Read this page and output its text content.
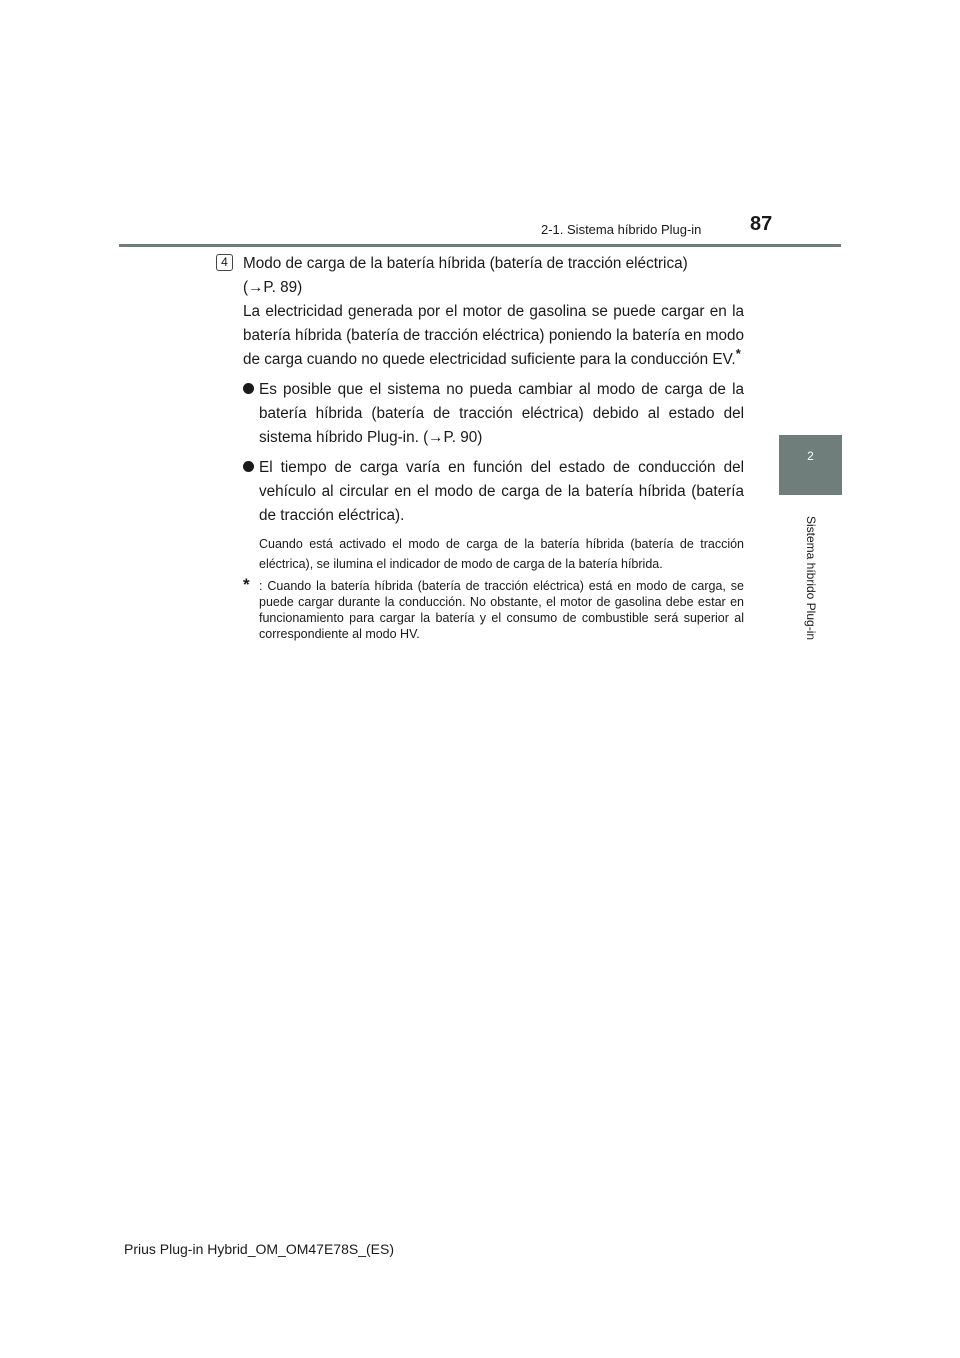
2-1. Sistema híbrido Plug-in 87
2
Sistema híbrido Plug-in
4 Modo de carga de la batería híbrida (batería de tracción eléctrica)

(→P. 89)

La electricidad generada por el motor de gasolina se puede cargar en la batería híbrida (batería de tracción eléctrica) poniendo la batería en modo de carga cuando no quede electricidad suficiente para la conducción EV.*

Es posible que el sistema no pueda cambiar al modo de carga de la batería híbrida (batería de tracción eléctrica) debido al estado del sistema híbrido Plug-in. (→P. 90)

El tiempo de carga varía en función del estado de conducción del vehículo al circular en el modo de carga de la batería híbrida (batería de tracción eléctrica).

Cuando está activado el modo de carga de la batería híbrida (batería de tracción eléctrica), se ilumina el indicador de modo de carga de la batería híbrida.

* : Cuando la batería híbrida (batería de tracción eléctrica) está en modo de carga, se puede cargar durante la conducción. No obstante, el motor de gasolina debe estar en funcionamiento para cargar la batería y el consumo de combustible será superior al correspondiente al modo HV.

Prius Plug-in Hybrid_OM_OM47E78S_(ES)
